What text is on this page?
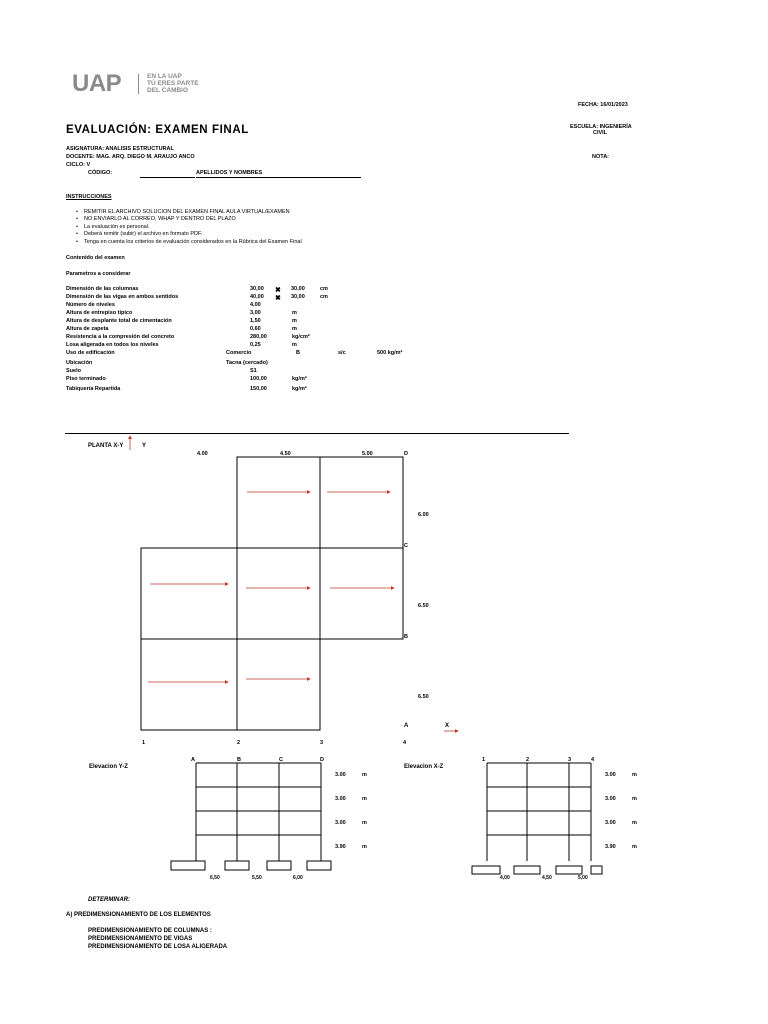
UAP	EN LA UAP
TÚ ERES PARTE
DEL CAMBIO
FECHA: 16/01/2023
ESCUELA: INGENIERÍA
CIVIL
NOTA:
EVALUACIÓN: EXAMEN FINAL
ASIGNATURA: ANALISIS ESTRUCTURAL
DOCENTE: MAG. ARQ. DIEGO M. ARAUJO ANCO
CICLO: V
CÓDIGO:	APELLIDOS Y NOMBRES
INSTRUCCIONES
• REMITIR EL ARCHIVO SOLUCION DEL EXAMEN FINAL AULA VIRTUAL/EXAMEN
• NO ENVIARLO AL CORREO, WHAP Y DENTRO DEL PLAZO
• La evaluación es personal.
• Deberá remitir (subir) el archivo en formato PDF.
• Tenga en cuenta los criterios de evaluación considerados en la Rúbrica del Examen Final
Contenido del examen
Parametros a considerar
Dimensión de las columnas	30,00 ✖ 30,00	cm
Dimensión de las vigas en ambos sentidos	40,00 ✖ 30,00	cm
Número de niveles	4,00
Altura de entrepiso típico	3,00	m
Altura de desplante total de cimentación	1,50	m
Altura de zapeta	0,60	m
Resistencia a la compresión del concreto	280,00	kg/cm²
Losa aligerada en todos los niveles	0,25	m
Uso de edificación	Comercio	B	s/c	500 kg/m²
Ubicación	Tacna (cercado)
Suelo	S1
Piso terminado	100,00	kg/m²
Tabiquería Repartida	150,00	kg/m²
PLANTA X-Y	Y
4.00	4.50	5.00	D
6.00
C
6.50
B
6.50
A	X
1	2	3	4
Elevacion Y-Z
A	B	C	D
3.00	m
3.00	m
3.00	m
3.90	m
6,50	5,50	6,00
Elevacion X-Z
1	2	3	4
3.00	m
3.00	m
3.00	m
3.90	m
4,00	4,50	5,00
DETERMINAR:
A) PREDIMENSIONAMIENTO DE LOS ELEMENTOS
PREDIMENSIONAMIENTO DE COLUMNAS :
PREDIMENSIONAMIENTO DE VIGAS
PREDIMENSIONAMIENTO DE LOSA ALIGERADA
